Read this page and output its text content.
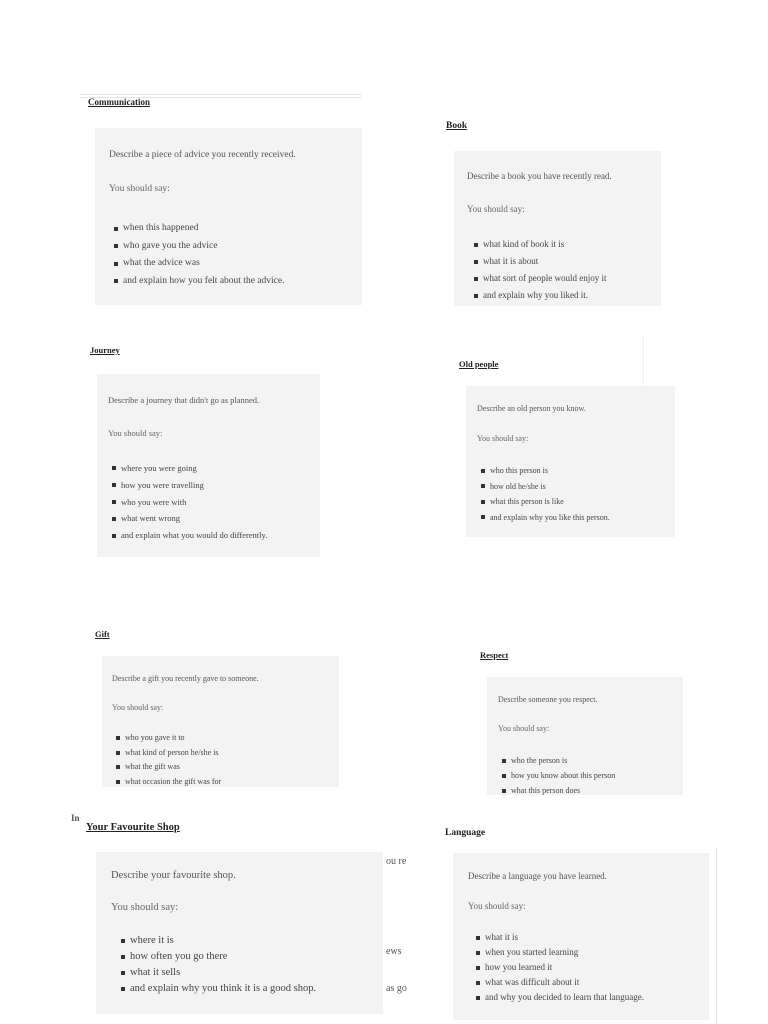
Communication
Describe a piece of advice you recently received.
You should say:
when this happened
who gave you the advice
what the advice was
and explain how you felt about the advice.
Book
Describe a book you have recently read.
You should say:
what kind of book it is
what it is about
what sort of people would enjoy it
and explain why you liked it.
Journey
Describe a journey that didn't go as planned.
You should say:
where you were going
how you were travelling
who you were with
what went wrong
and explain what you would do differently.
Old people
Describe an old person you know.
You should say:
who this person is
how old he/she is
what this person is like
and explain why you like this person.
Gift
Describe a gift you recently gave to someone.
You should say:
who you gave it to
what kind of person he/she is
what the gift was
what occasion the gift was for
Respect
Describe someone you respect.
You should say:
who the person is
how you know about this person
what this person does
In
ou re
ews
as go
Your Favourite Shop
Describe your favourite shop.
You should say:
where it is
how often you go there
what it sells
and explain why you think it is a good shop.
Language
Describe a language you have learned.
You should say:
what it is
when you started learning
how you learned it
what was difficult about it
and why you decided to learn that language.
